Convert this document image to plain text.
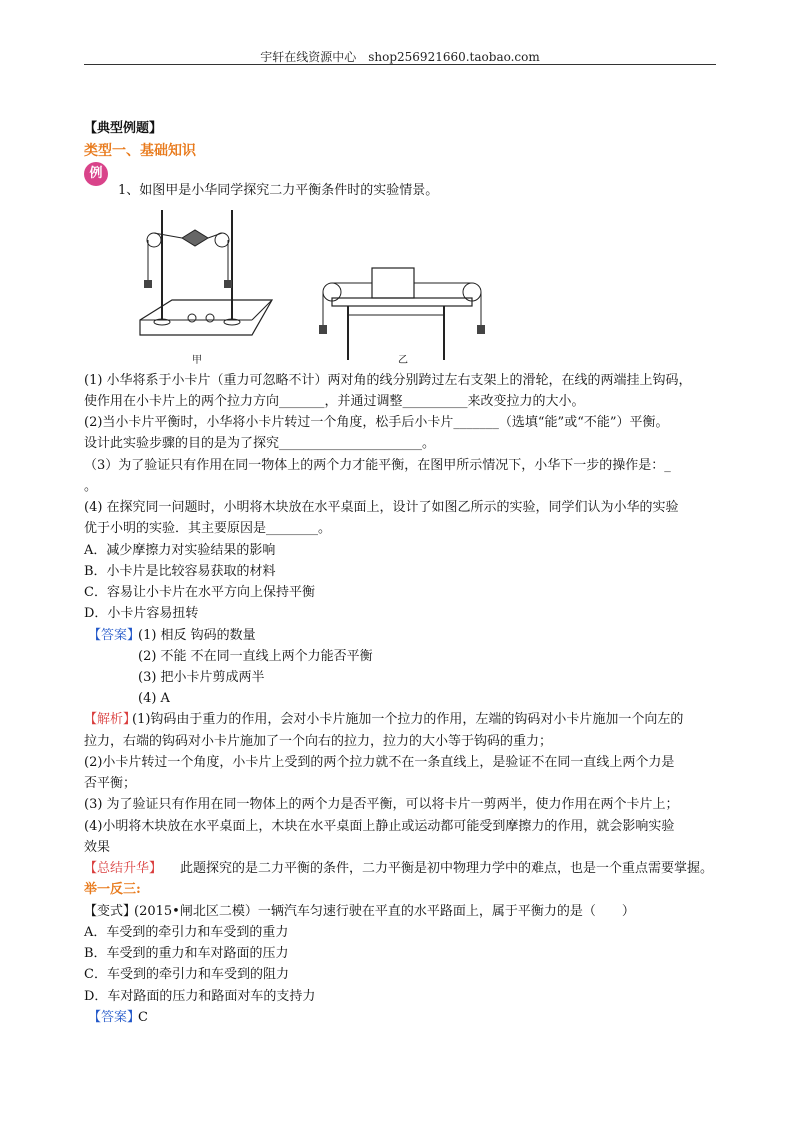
宇轩在线资源中心　shop256921660.taobao.com
【典型例题】
类型一、基础知识
例
1、如图甲是小华同学探究二力平衡条件时的实验情景。
甲	乙
(1) 小华将系于小卡片（重力可忽略不计）两对角的线分别跨过左右支架上的滑轮，在线的两端挂上钩码，
使作用在小卡片上的两个拉力方向_______，并通过调整__________来改变拉力的大小。
(2)当小卡片平衡时，小华将小卡片转过一个角度，松手后小卡片_______（选填“能”或“不能”）平衡。
设计此实验步骤的目的是为了探究______________________。
（3）为了验证只有作用在同一物体上的两个力才能平衡，在图甲所示情况下，小华下一步的操作是：_
。
(4) 在探究同一问题时，小明将木块放在水平桌面上，设计了如图乙所示的实验，同学们认为小华的实验
优于小明的实验．其主要原因是________。
A．减少摩擦力对实验结果的影响
B．小卡片是比较容易获取的材料
C．容易让小卡片在水平方向上保持平衡
D．小卡片容易扭转
【答案】
(1) 相反 钩码的数量
(2) 不能 不在同一直线上两个力能否平衡
(3) 把小卡片剪成两半
(4) A
【解析】
(1)钩码由于重力的作用，会对小卡片施加一个拉力的作用，左端的钩码对小卡片施加一个向左的
拉力，右端的钩码对小卡片施加了一个向右的拉力，拉力的大小等于钩码的重力；
(2)小卡片转过一个角度，小卡片上受到的两个拉力就不在一条直线上，是验证不在同一直线上两个力是
否平衡；
(3) 为了验证只有作用在同一物体上的两个力是否平衡，可以将卡片一剪两半，使力作用在两个卡片上；
(4)小明将木块放在水平桌面上，木块在水平桌面上静止或运动都可能受到摩擦力的作用，就会影响实验
效果
【总结升华】 此题探究的是二力平衡的条件，二力平衡是初中物理力学中的难点，也是一个重点需要掌握。
举一反三:
【变式】
(2015•闸北区二模）一辆汽车匀速行驶在平直的水平路面上，属于平衡力的是（　　）
A．车受到的牵引力和车受到的重力
B．车受到的重力和车对路面的压力
C．车受到的牵引力和车受到的阻力
D．车对路面的压力和路面对车的支持力
【答案】
C
